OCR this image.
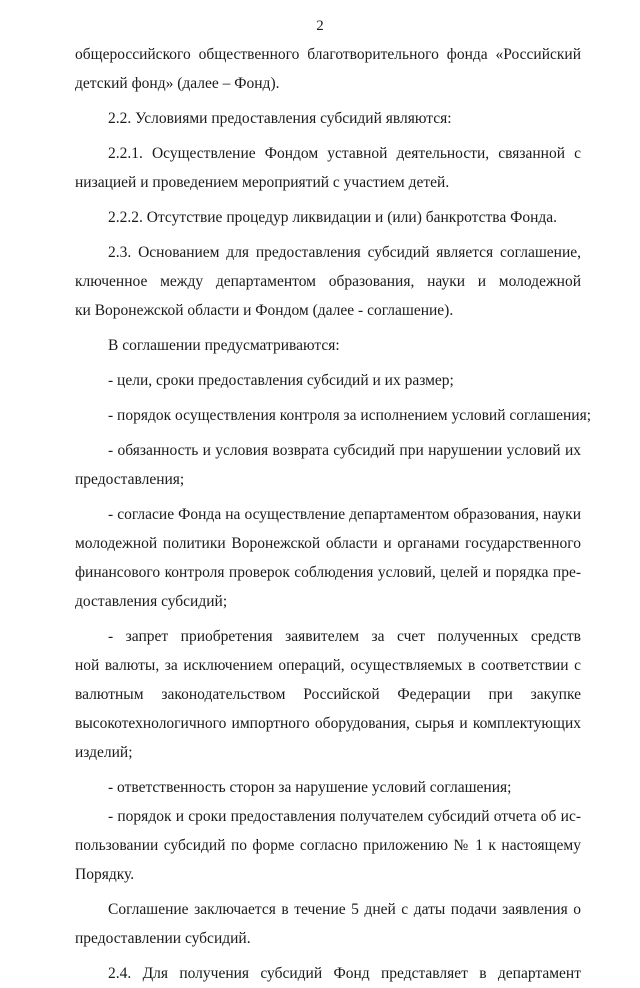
2
общероссийского общественного благотворительного фонда «Российский
детский фонд» (далее – Фонд).
2.2. Условиями предоставления субсидий являются:
2.2.1. Осуществление Фондом уставной деятельности, связанной с
низацией и проведением мероприятий с участием детей.
2.2.2. Отсутствие процедур ликвидации и (или) банкротства Фонда.
2.3. Основанием для предоставления субсидий является соглашение,
ключенное между департаментом образования, науки и молодежной
ки Воронежской области и Фондом (далее - соглашение).
В соглашении предусматриваются:
- цели, сроки предоставления субсидий и их размер;
- порядок осуществления контроля за исполнением условий соглашения;
- обязанность и условия возврата субсидий при нарушении условий их
предоставления;
- согласие Фонда на осуществление департаментом образования, науки
молодежной политики Воронежской области и органами государственного
финансового контроля проверок соблюдения условий, целей и порядка пре-
доставления субсидий;
- запрет приобретения заявителем за счет полученных средств
ной валюты, за исключением операций, осуществляемых в соответствии с
валютным законодательством Российской Федерации при закупке
высокотехнологичного импортного оборудования, сырья и комплектующих
изделий;
- ответственность сторон за нарушение условий соглашения;
- порядок и сроки предоставления получателем субсидий отчета об ис-
пользовании субсидий по форме согласно приложению № 1 к настоящему
Порядку.
Соглашение заключается в течение 5 дней с даты подачи заявления о
предоставлении субсидий.
2.4. Для получения субсидий Фонд представляет в департамент
